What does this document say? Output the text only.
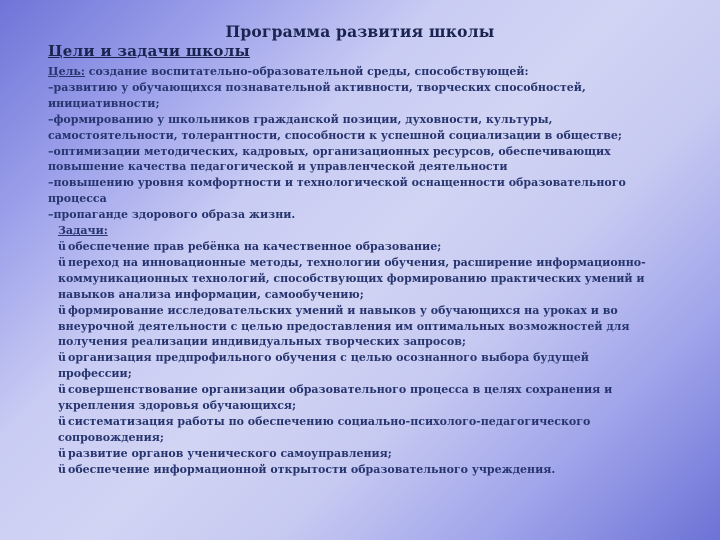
Программа развития школы
Цели и задачи школы
Цель: создание воспитательно-образовательной среды, способствующей:
–развитию у обучающихся познавательной активности, творческих способностей, инициативности;
–формированию у школьников гражданской позиции, духовности, культуры, самостоятельности, толерантности, способности к успешной социализации в обществе;
–оптимизации методических, кадровых, организационных ресурсов, обеспечивающих повышение качества педагогической и управленческой деятельности
–повышению уровня комфортности и технологической оснащенности образовательного процесса
–пропаганде здорового образа жизни.
Задачи:
ü обеспечение прав ребёнка на качественное образование;
ü переход на инновационные методы, технологии обучения, расширение информационно-коммуникационных технологий, способствующих формированию практических умений и навыков анализа информации, самообучению;
ü формирование исследовательских умений и навыков у обучающихся на уроках и во внеурочной деятельности с целью предоставления им оптимальных возможностей для получения реализации индивидуальных творческих запросов;
ü организация предпрофильного обучения с целью осознанного выбора будущей профессии;
ü совершенствование организации образовательного процесса в целях сохранения и укрепления здоровья обучающихся;
ü систематизация работы по обеспечению социально-психолого-педагогического сопровождения;
ü развитие органов ученического самоуправления;
ü обеспечение информационной открытости образовательного учреждения.
